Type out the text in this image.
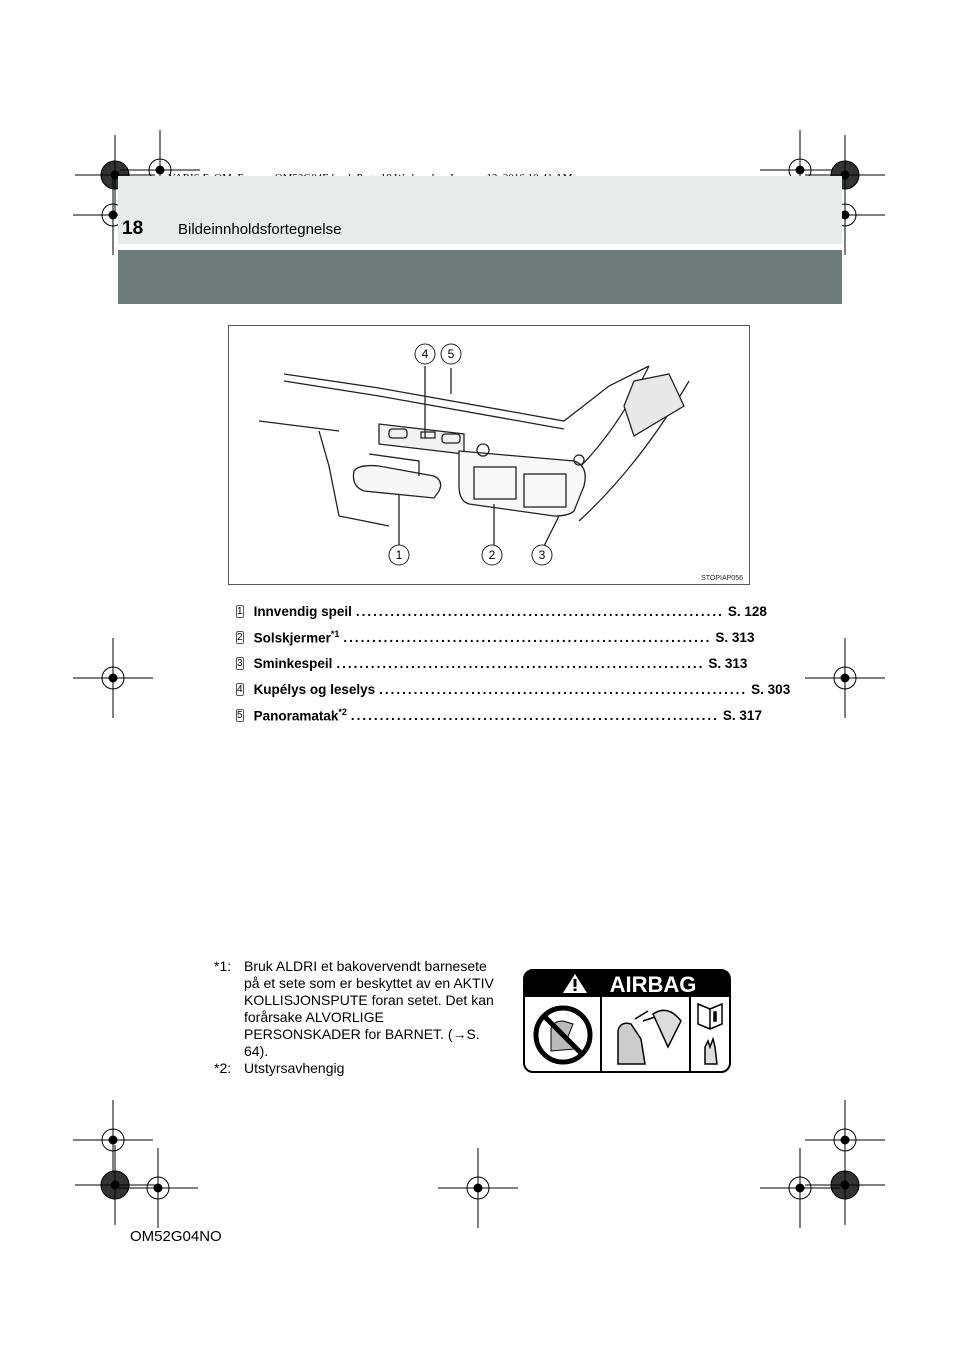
18 Bildeinnholdsfortegnelse
4 5
1	2	3
STOPIAP056
1 Innvendig speil ................................................................ S. 128
2 Solskjermer$^{*1}$ ................................................................ S. 313
3 Sminkespeil ................................................................ S. 313
4 Kupélys og leselys ................................................................ S. 303
5 Panoramatak$^{*2}$ ................................................................ S. 317
*1: Bruk ALDRI et bakovervendt barnesete på et sete som er beskyttet av en AKTIV KOLLISJONSPUTE foran setet. Det kan forårsake ALVORLIGE PERSONSKADER for BARNET. (→S. 64).
*2: Utstyrsavhengig
AIRBAG
OM52G04NO
